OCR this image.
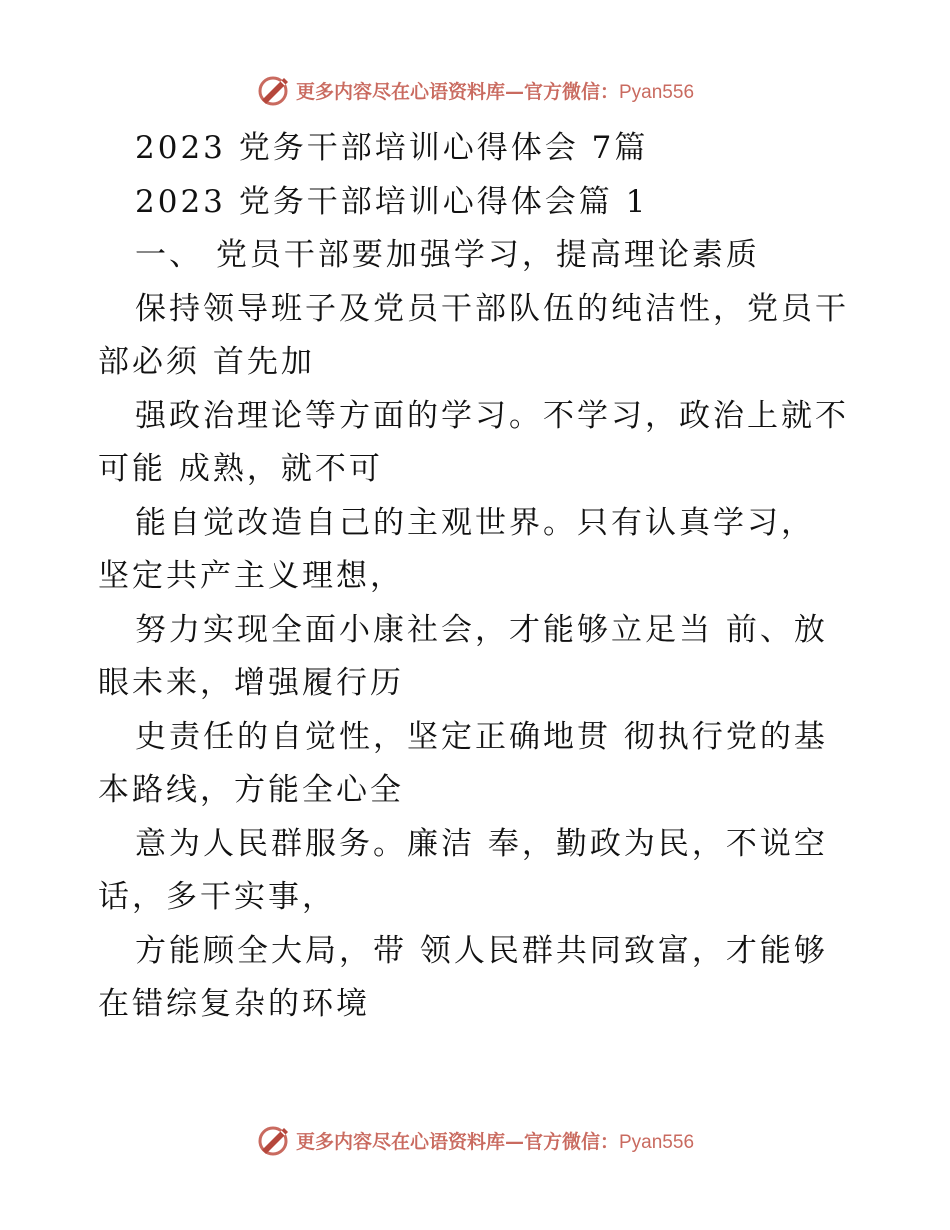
更多内容尽在心语资料库—官方微信：Pyan556
2023 党务干部培训心得体会 7篇
2023 党务干部培训心得体会篇 1
一、 党员干部要加强学习，提高理论素质
保持领导班子及党员干部队伍的纯洁性，党员干
部必须 首先加
强政治理论等方面的学习。不学习，政治上就不
可能 成熟，就不可
能自觉改造自己的主观世界。只有认真学习，
坚定共产主义理想，
努力实现全面小康社会，才能够立足当 前、放
眼未来，增强履行历
史责任的自觉性，坚定正确地贯 彻执行党的基
本路线，方能全心全
意为人民群服务。廉洁 奉，勤政为民，不说空
话，多干实事，
方能顾全大局，带 领人民群共同致富，才能够
在错综复杂的环境
更多内容尽在心语资料库—官方微信：Pyan556
